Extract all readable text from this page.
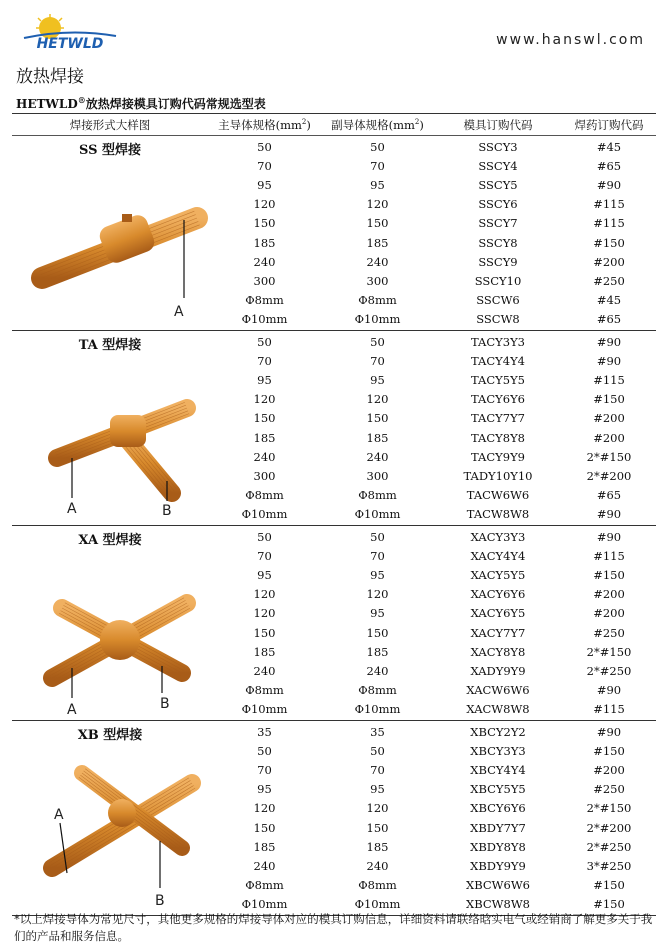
HETWLD	www.hanswl.com
放热焊接
HETWLD®放热焊接模具订购代码常规选型表
焊接形式大样图	主导体规格$(mm^2)$	副导体规格$(mm^2)$	模具订购代码	焊药订购代码
SS 型焊接
A
50	50	SSCY3	#45
70	70	SSCY4	#65
95	95	SSCY5	#90
120	120	SSCY6	#115
150	150	SSCY7	#115
185	185	SSCY8	#150
240	240	SSCY9	#200
300	300	SSCY10	#250
Φ8mm	Φ8mm	SSCW6	#45
Φ10mm	Φ10mm	SSCW8	#65
TA 型焊接
A	B
50	50	TACY3Y3	#90
70	70	TACY4Y4	#90
95	95	TACY5Y5	#115
120	120	TACY6Y6	#150
150	150	TACY7Y7	#200
185	185	TACY8Y8	#200
240	240	TACY9Y9	2*#150
300	300	TADY10Y10	2*#200
Φ8mm	Φ8mm	TACW6W6	#65
Φ10mm	Φ10mm	TACW8W8	#90
XA 型焊接
A	B
50	50	XACY3Y3	#90
70	70	XACY4Y4	#115
95	95	XACY5Y5	#150
120	120	XACY6Y6	#200
120	95	XACY6Y5	#200
150	150	XACY7Y7	#250
185	185	XACY8Y8	2*#150
240	240	XADY9Y9	2*#250
Φ8mm	Φ8mm	XACW6W6	#90
Φ10mm	Φ10mm	XACW8W8	#115
XB 型焊接
A
B
35	35	XBCY2Y2	#90
50	50	XBCY3Y3	#150
70	70	XBCY4Y4	#200
95	95	XBCY5Y5	#250
120	120	XBCY6Y6	2*#150
150	150	XBDY7Y7	2*#200
185	185	XBDY8Y8	2*#250
240	240	XBDY9Y9	3*#250
Φ8mm	Φ8mm	XBCW6W6	#150
Φ10mm	Φ10mm	XBCW8W8	#150
*以上焊接导体为常见尺寸，其他更多规格的焊接导体对应的模具订购信息，详细资料请联络晗实电气或经销商了解更多关于我们的产品和服务信息。
